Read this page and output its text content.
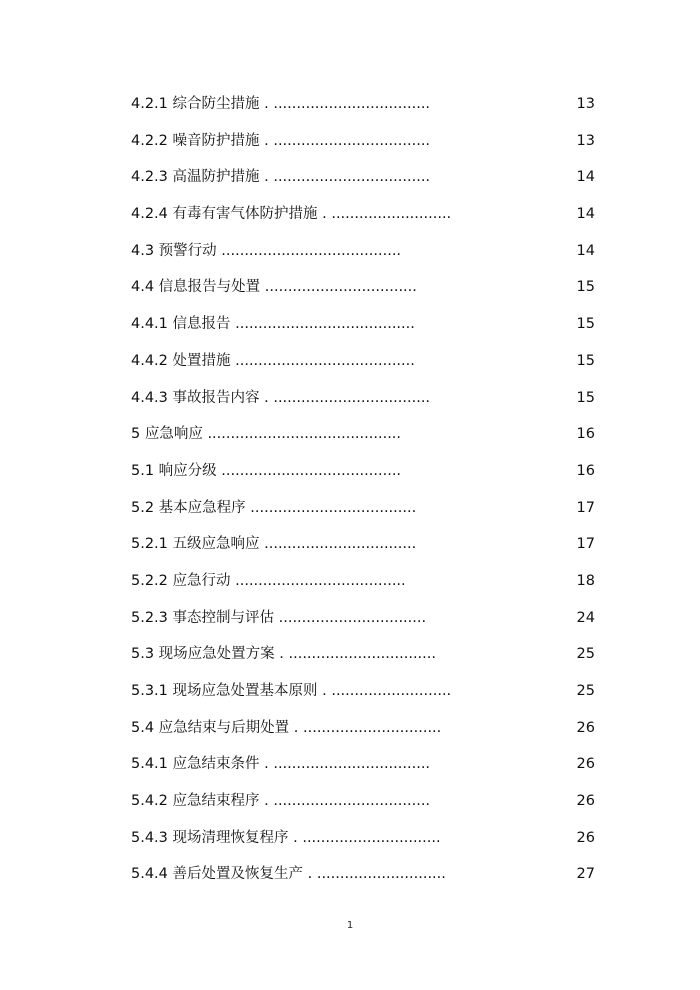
4.2.1 综合防尘措施 . ..................................	13
4.2.2 噪音防护措施 . ..................................	13
4.2.3 高温防护措施 . ..................................	14
4.2.4 有毒有害气体防护措施 . ..........................	14
4.3 预警行动 .......................................	14
4.4 信息报告与处置 .................................	15
4.4.1 信息报告 .......................................	15
4.4.2 处置措施 .......................................	15
4.4.3 事故报告内容 . ..................................	15
5 应急响应 ..........................................	16
5.1 响应分级 .......................................	16
5.2 基本应急程序 ....................................	17
5.2.1 五级应急响应 .................................	17
5.2.2 应急行动 .....................................	18
5.2.3 事态控制与评估 ................................	24
5.3 现场应急处置方案 . ................................	25
5.3.1 现场应急处置基本原则 . ..........................	25
5.4 应急结束与后期处置 . ..............................	26
5.4.1 应急结束条件 . ..................................	26
5.4.2 应急结束程序 . ..................................	26
5.4.3 现场清理恢复程序 . ..............................	26
5.4.4 善后处置及恢复生产 . ............................	27
1
